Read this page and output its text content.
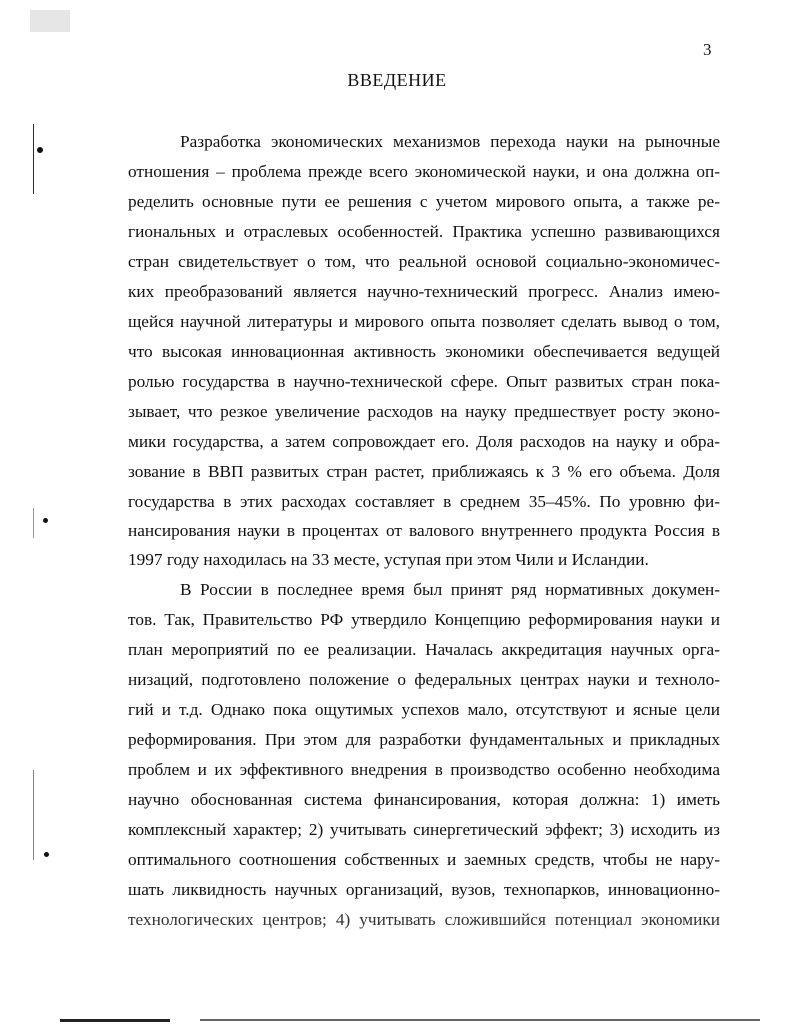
3
ВВЕДЕНИЕ
Разработка экономических механизмов перехода науки на рыночные
отношения – проблема прежде всего экономической науки, и она должна оп-
ределить основные пути ее решения с учетом мирового опыта, а также ре-
гиональных и отраслевых особенностей. Практика успешно развивающихся
стран свидетельствует о том, что реальной основой социально-экономичес-
ких преобразований является научно-технический прогресс. Анализ имею-
щейся научной литературы и мирового опыта позволяет сделать вывод о том,
что высокая инновационная активность экономики обеспечивается ведущей
ролью государства в научно-технической сфере. Опыт развитых стран пока-
зывает, что резкое увеличение расходов на науку предшествует росту эконо-
мики государства, а затем сопровождает его. Доля расходов на науку и обра-
зование в ВВП развитых стран растет, приближаясь к 3 % его объема. Доля
государства в этих расходах составляет в среднем 35–45%. По уровню фи-
нансирования науки в процентах от валового внутреннего продукта Россия в
1997 году находилась на 33 месте, уступая при этом Чили и Исландии.
В России в последнее время был принят ряд нормативных докумен-
тов. Так, Правительство РФ утвердило Концепцию реформирования науки и
план мероприятий по ее реализации. Началась аккредитация научных орга-
низаций, подготовлено положение о федеральных центрах науки и техноло-
гий и т.д. Однако пока ощутимых успехов мало, отсутствуют и ясные цели
реформирования. При этом для разработки фундаментальных и прикладных
проблем и их эффективного внедрения в производство особенно необходима
научно обоснованная система финансирования, которая должна: 1) иметь
комплексный характер; 2) учитывать синергетический эффект; 3) исходить из
оптимального соотношения собственных и заемных средств, чтобы не нару-
шать ликвидность научных организаций, вузов, технопарков, инновационно-
технологических центров; 4) учитывать сложившийся потенциал экономики
